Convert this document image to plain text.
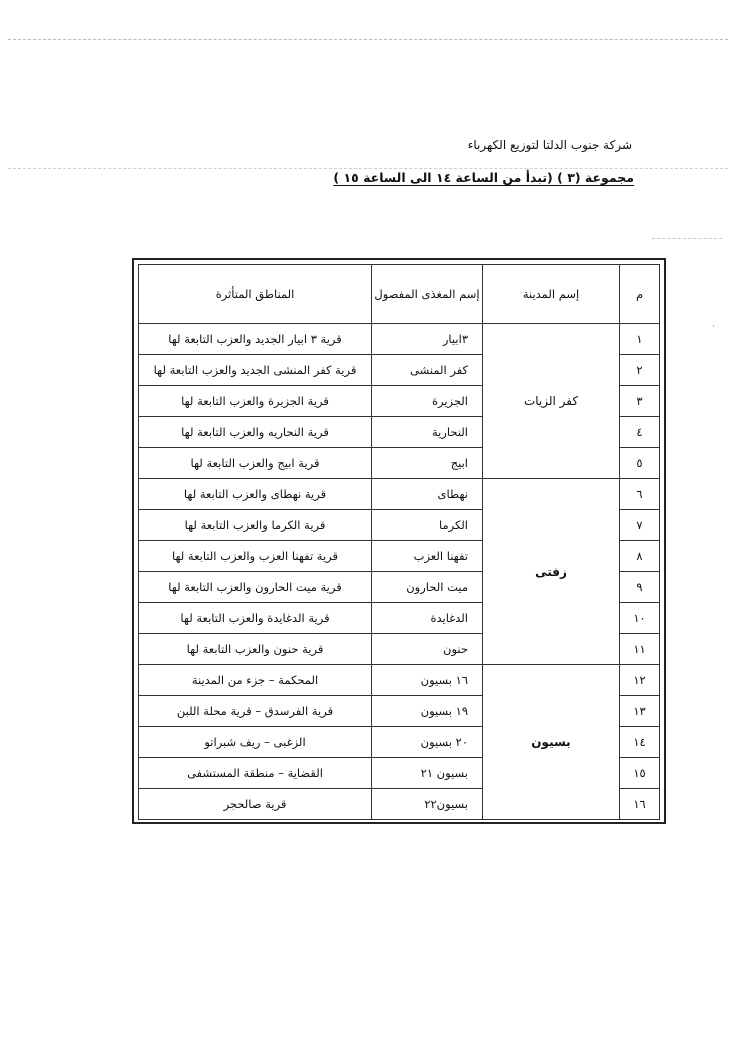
·
شركة جنوب الدلتا لتوزيع الكهرباء
مجموعة (٣ ) (تبدأ من الساعة ١٤ الى الساعة ١٥ )
م	إسم المدينة	إسم المغذى المفصول	المناطق المتأثرة
١	كفر الزيات	٣ابيار	قرية ٣ ابيار الجديد والعزب التابعة لها
٢		كفر المنشى	قرية كفر المنشى الجديد والعزب التابعة لها
٣		الجزيرة	قرية الجزيرة والعزب التابعة لها
٤		النحارية	قرية النحاريه والعزب التابعة لها
٥		ابيج	قرية ابيج والعزب التابعة لها
٦	زفتى	نهطاى	قرية نهطاى والعزب التابعة لها
٧		الكرما	قرية الكرما والعزب التابعة لها
٨		تفهنا العزب	قرية تفهنا العزب والعزب التابعة لها
٩		ميت الحارون	قرية ميت الحارون والعزب التابعة لها
١٠		الدغايدة	قرية الدغايدة والعزب التابعة لها
١١		حنون	قرية حنون والعزب التابعة لها
١٢	بسيون	١٦ بسيون	المحكمة – جزء من المدينة
١٣		١٩ بسيون	قرية الفرسدق – قرية محلة اللبن
١٤		٢٠ بسيون	الزغبى – ريف شبراتو
١٥		بسيون ٢١	القضاية – منطقة المستشفى
١٦		بسيون٢٢	قرية صالحجر
